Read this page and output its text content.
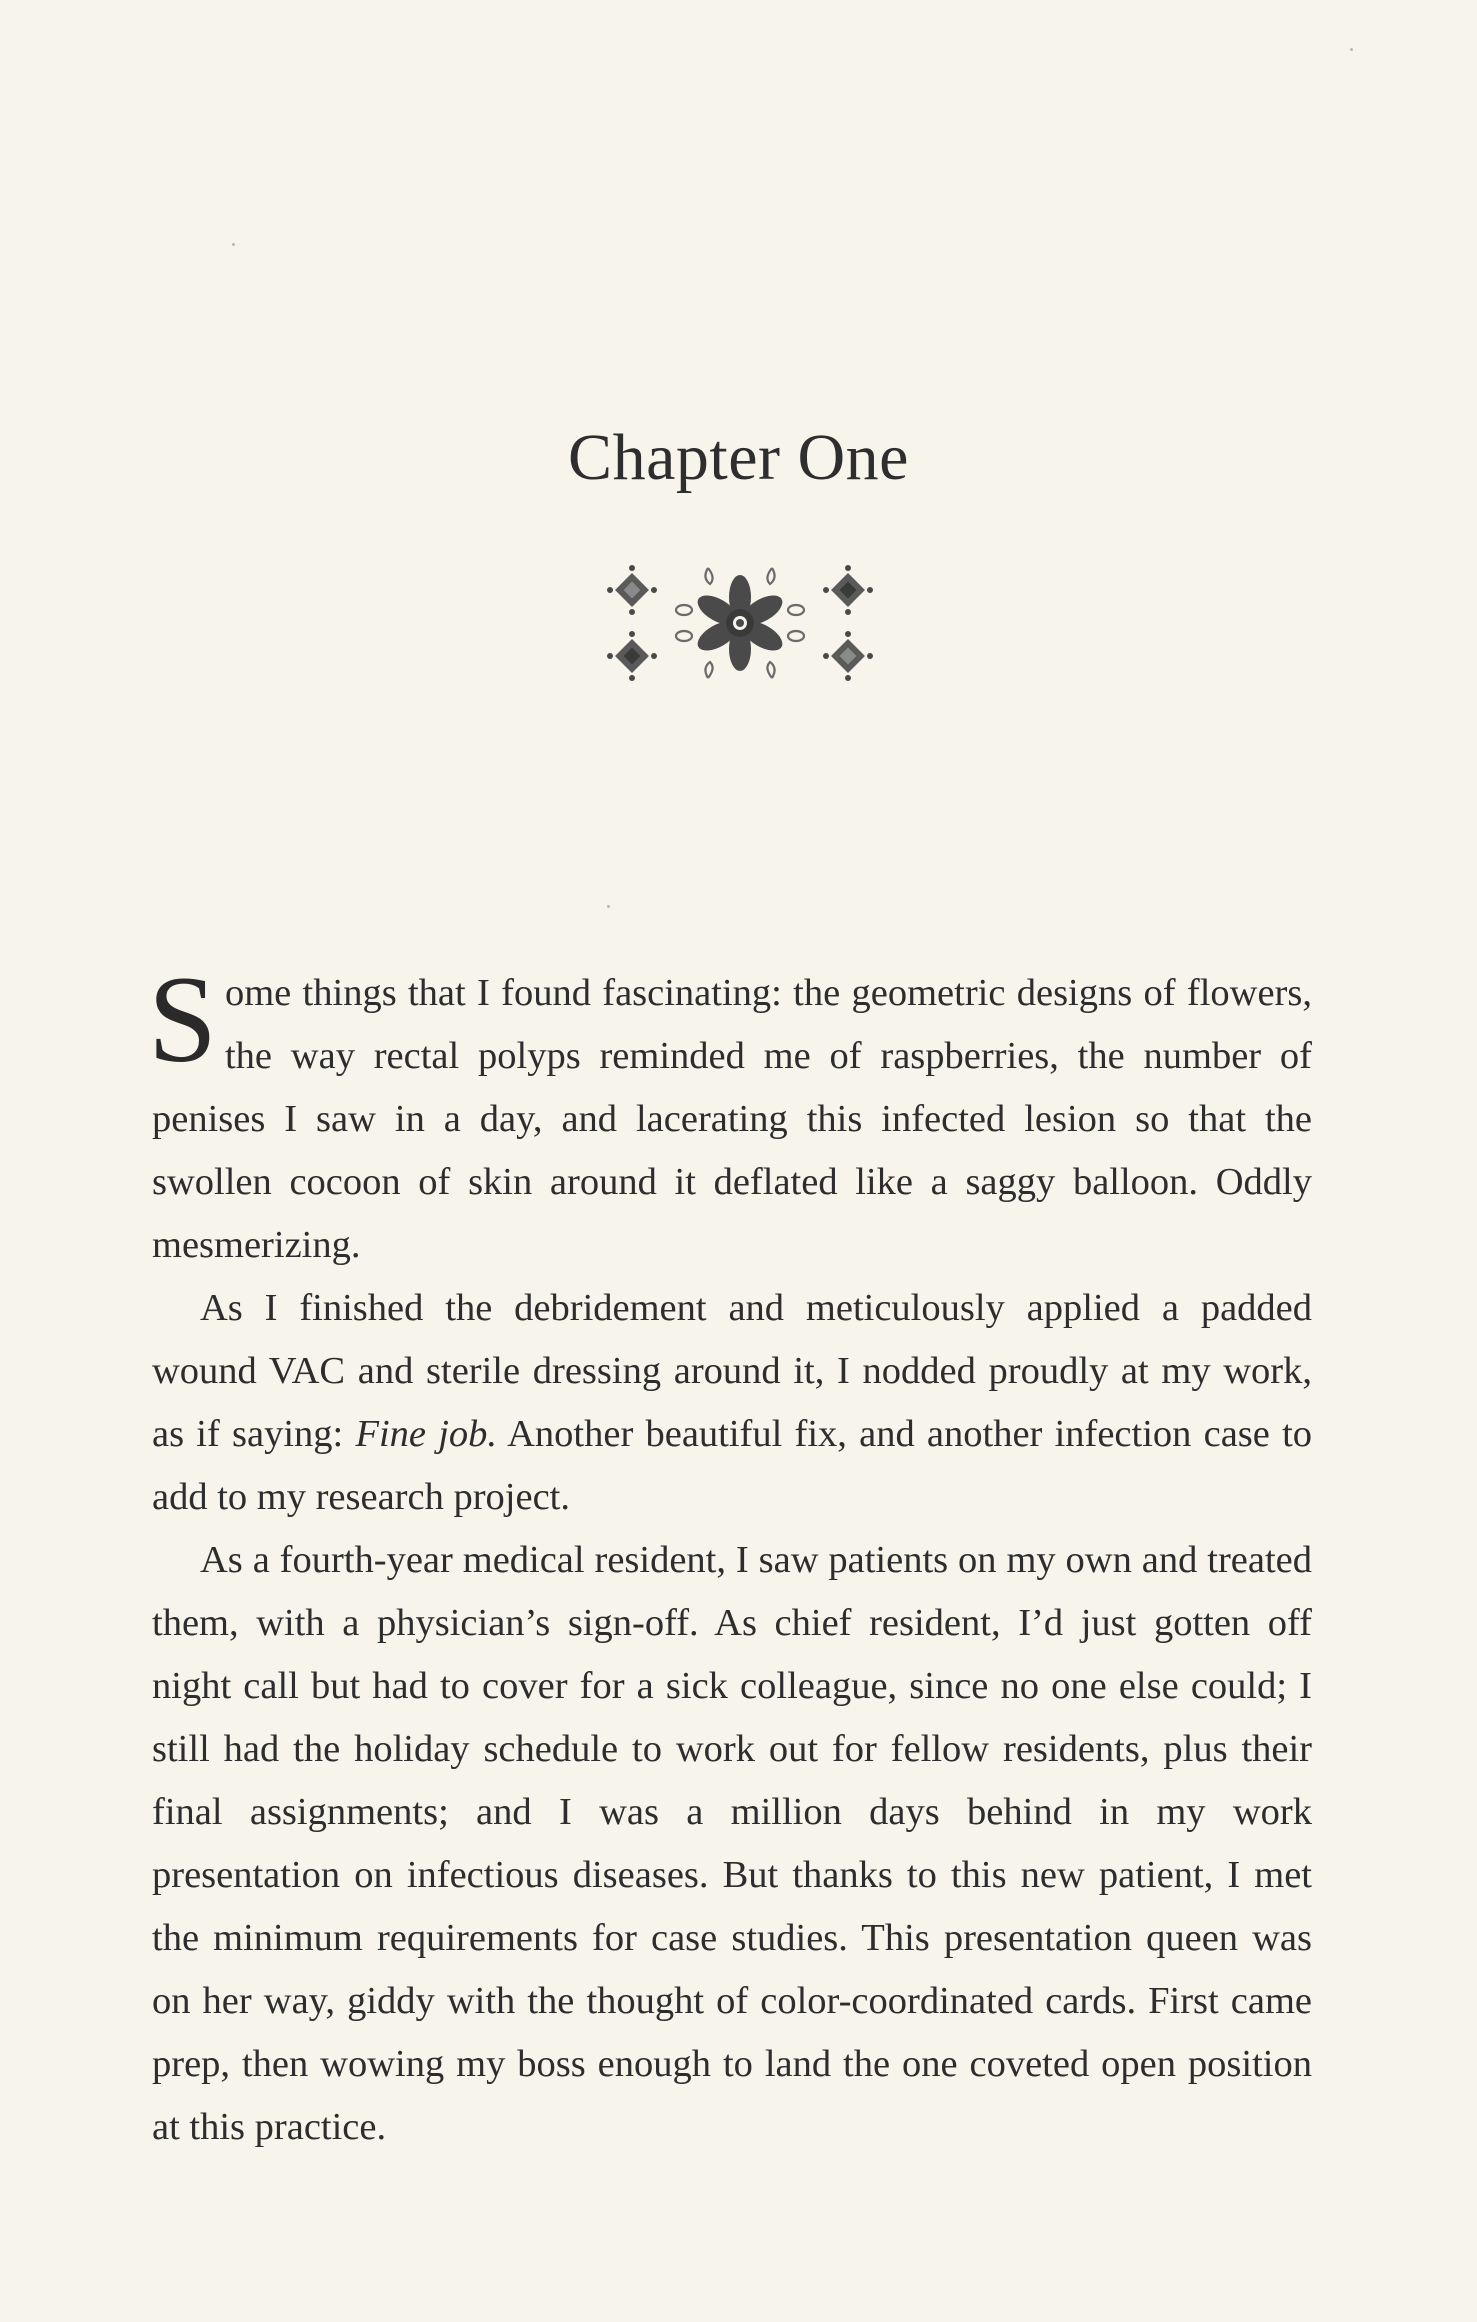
Chapter One

Some things that I found fascinating: the geometric designs of flowers, the way rectal polyps reminded me of raspberries, the number of penises I saw in a day, and lacerating this infected lesion so that the swollen cocoon of skin around it deflated like a saggy balloon. Oddly mesmerizing.

As I finished the debridement and meticulously applied a padded wound VAC and sterile dressing around it, I nodded proudly at my work, as if saying: Fine job. Another beautiful fix, and another infection case to add to my research project.

As a fourth-year medical resident, I saw patients on my own and treated them, with a physician’s sign-off. As chief resident, I’d just gotten off night call but had to cover for a sick colleague, since no one else could; I still had the holiday schedule to work out for fellow residents, plus their final assignments; and I was a million days behind in my work presentation on infectious diseases. But thanks to this new patient, I met the minimum requirements for case studies. This presentation queen was on her way, giddy with the thought of color-coordinated cards. First came prep, then wowing my boss enough to land the one coveted open position at this practice.
